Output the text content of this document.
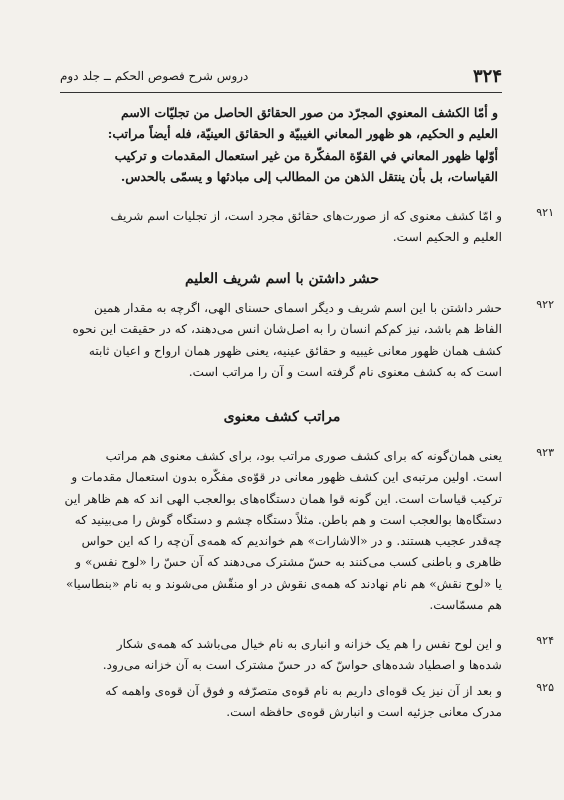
۳۲۴
دروس شرح فصوص الحکم ــ جلد دوم

و أمّا الكشف المعنوي المجرّد من صور الحقائق الحاصل من تجليّات الاسم

العليم و الحكيم، هو ظهور المعاني الغيبيّة و الحقائق العينيّة، فله أيضاً مراتب:

أوّلها ظهور المعاني في القوّة المفكّرة من غير استعمال المقدمات و تركيب

القياسات، بل بأن ينتقل الذهن من المطالب إلى مبادئها و يسمّى بالحدس.

۹۲۱

و امّا کشف معنوی که از صورت‌های حقائق مجرد است، از تجلیات اسم شریف

العلیم و الحکیم است.

حشر داشتن با اسم شریف العلیم
۹۲۲

حشر داشتن با این اسم شریف و دیگر اسمای حسنای الهی، اگرچه به مقدار همین

الفاظ هم باشد، نیز کم‌کم انسان را به اصل‌شان انس می‌دهند، که در حقیقت این نحوه

کشف همان ظهور معانی غیبیه و حقائق عینیه، یعنی ظهور همان ارواح و اعیان ثابته

است که به کشف معنوی نام گرفته است و آن را مراتب است.

مراتب کشف معنوی
۹۲۳

یعنی همان‌گونه که برای کشف صوری مراتب بود، برای کشف معنوی هم مراتب

است. اولین مرتبه‌ی این کشف ظهور معانی در قوّه‌ی مفکّره بدون استعمال مقدمات و

ترکیب قیاسات است. این گونه قوا همان دستگاه‌های بوالعجب الهی اند که هم ظاهر این

دستگاه‌ها بوالعجب است و هم باطن. مثلاً دستگاه چشم و دستگاه گوش را می‌بینید که

چه‌قدر عجیب هستند. و در «الاشارات» هم خواندیم که همه‌ی آن‌چه را که این حواس

ظاهری و باطنی کسب می‌کنند به حسّ مشترک می‌دهند که آن حسّ را «لوح نفس» و

یا «لوح نقش» هم نام نهادند که همه‌ی نقوش در او منقّش می‌شوند و به نام «بنطاسیا»

هم مسمّاست.

۹۲۴

و این لوح نفس را هم یک خزانه و انباری به نام خیال می‌باشد که همه‌ی شکار

شده‌ها و اصطیاد شده‌های حواسّ که در حسّ مشترک است به آن خزانه می‌رود.

۹۲۵

و بعد از آن نیز یک قوه‌ای داریم به نام قوه‌ی متصرّفه و فوق آن قوه‌ی واهمه که

مدرک معانی جزئیه است و انبارش قوه‌ی حافظه است.
